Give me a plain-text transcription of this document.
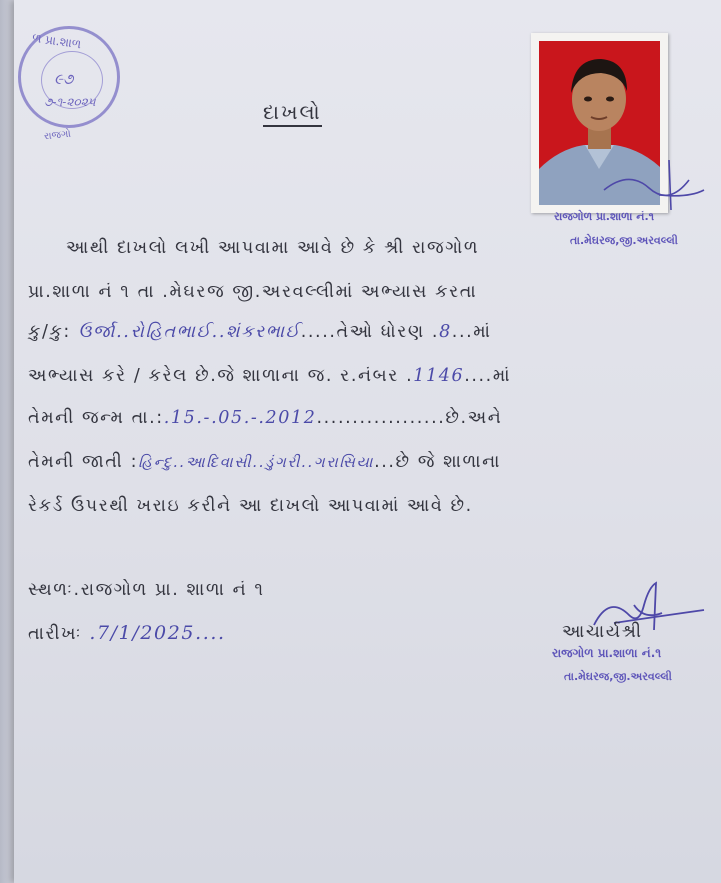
ળ પ્રા.શાળ
૯૭
૭-૧-૨૦૨૫
રાજગો
દાખલો
રાજગોળ પ્રા.શાળા નં.૧
તા.મેઘરજ,જી.અરવલ્લી
આથી દાખલો લખી આપવામા આવે છે કે શ્રી રાજગોળ
પ્રા.શાળા નં ૧ તા .મેઘરજ જી.અરવલ્લીમાં અભ્યાસ કરતા
કુ/કુ: ઉર્જા..રોહિતભાઈ..શંકરભાઈ.....તેઓ ધોરણ .8...માં
અભ્યાસ કરે / કરેલ છે.જે શાળાના જ. ર.નંબર .1146....માં
તેમની જન્મ તા.:.15.-.05.-.2012..................છે.અને
તેમની જાતી :હિન્દુ..આદિવાસી..ડુંગરી..ગરાસિયા...છે જે શાળાના
રેકર્ડ ઉપરથી ખરાઇ કરીને આ દાખલો આપવામાં આવે છે.
સ્થળઃ.રાજગોળ પ્રા. શાળા નં ૧
તારીખઃ .7/1/2025....	આચાર્યશ્રી
રાજગોળ પ્રા.શાળા નં.૧
તા.મેઘરજ,જી.અરવલ્લી
